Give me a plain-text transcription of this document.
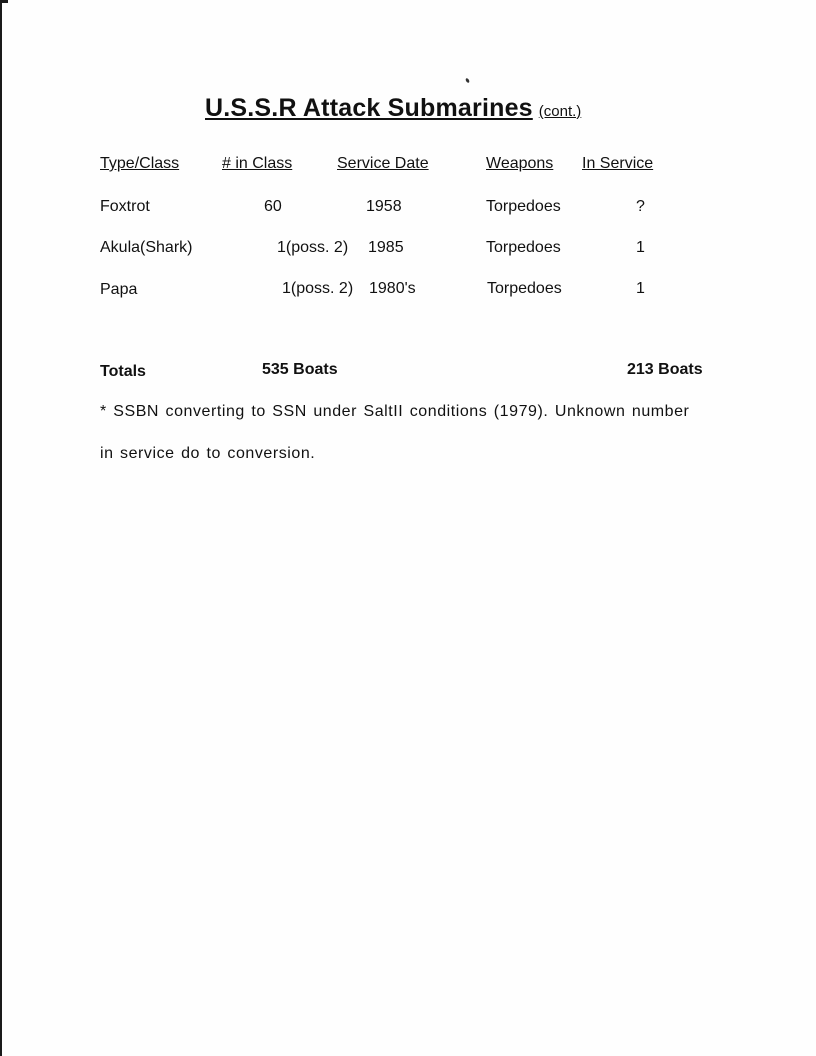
U.S.S.R Attack Submarines (cont.)
Type/Class	# in Class	Service Date	Weapons In Service
Foxtrot	60	1958	Torpedoes	?
Akula(Shark)	1(poss. 2) 1985	Torpedoes	1
Papa	1(poss. 2) 1980's	Torpedoes	1
Totals	535 Boats	213 Boats
* SSBN converting to SSN under SaltII conditions (1979). Unknown number
in service do to conversion.
